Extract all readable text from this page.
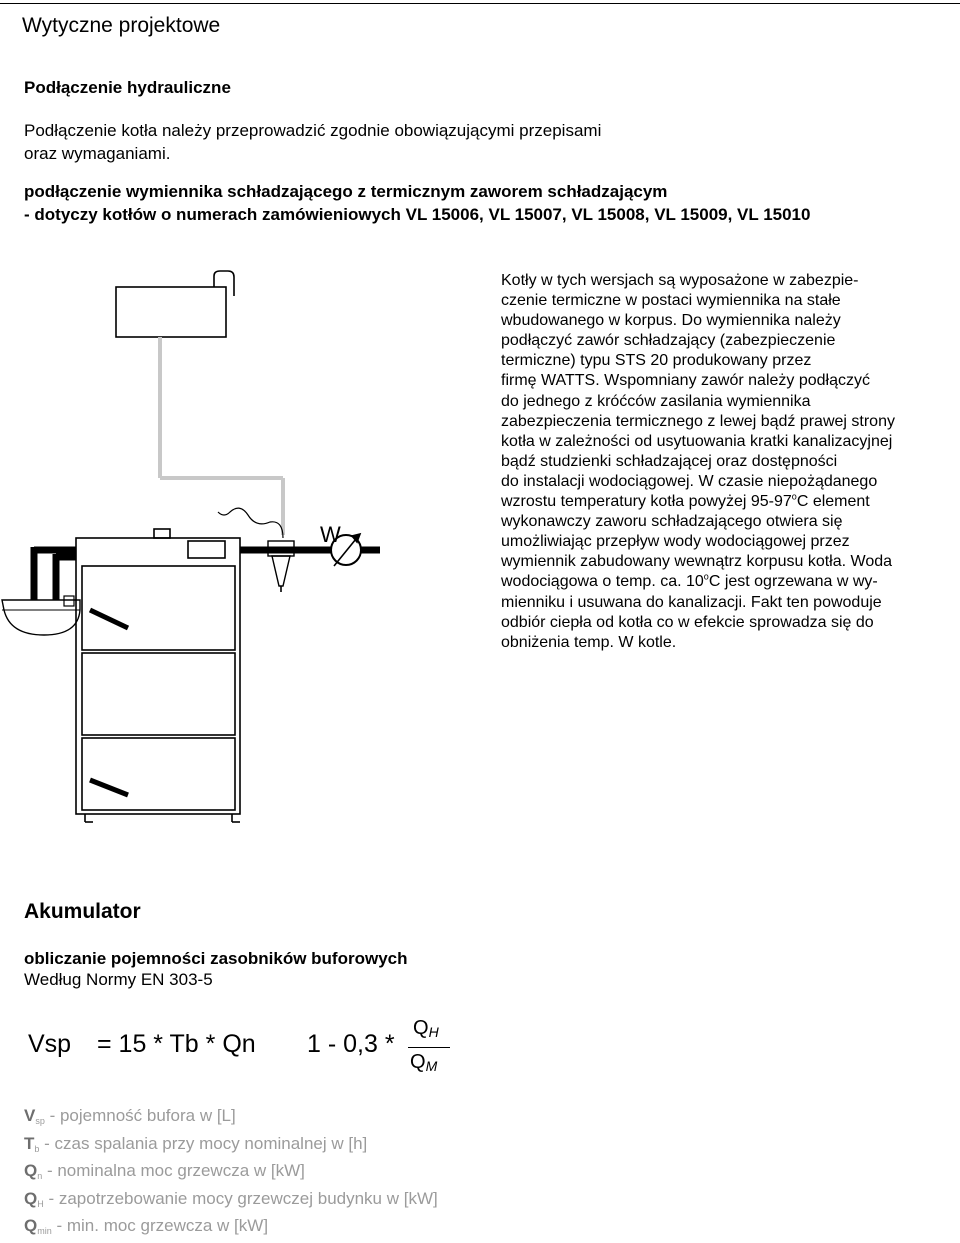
Wytyczne projektowe

Podłączenie hydrauliczne

Podłączenie kotła należy przeprowadzić zgodnie obowiązującymi przepisami
oraz wymaganiami.
podłączenie wymiennika schładzającego z termicznym zaworem schładzającym
- dotyczy kotłów o numerach zamówieniowych VL 15006, VL 15007, VL 15008, VL 15009, VL 15010
W
Kotły w tych wersjach są wyposażone w zabezpie-
czenie termiczne w postaci wymiennika na stałe
wbudowanego w korpus. Do wymiennika należy
podłączyć zawór schładzający (zabezpieczenie
termiczne) typu STS 20 produkowany przez
firmę WATTS. Wspomniany zawór należy podłączyć
do jednego z króćców zasilania wymiennika
zabezpieczenia termicznego z lewej bądź prawej strony
kotła w zależności od usytuowania kratki kanalizacyjnej
bądź studzienki schładzającej oraz dostępności
do instalacji wodociągowej. W czasie niepożądanego
wzrostu temperatury kotła powyżej 95-97$^o$C element
wykonawczy zaworu schładzającego otwiera się
umożliwiając przepływ wody wodociągowej przez
wymiennik zabudowany wewnątrz korpusu kotła. Woda
wodociągowa o temp. ca. 10$^o$C jest ogrzewana w wy-
mienniku i usuwana do kanalizacji. Fakt ten powoduje
odbiór ciepła od kotła co w efekcie sprowadza się do
obniżenia temp. W kotle.

Akumulator

obliczanie pojemności zasobników buforowych

Według Normy EN 303-5

Vsp = 15 * Tb * Qn 1 - 0,3 *
QH
QM
$V_{sp}$ - pojemność bufora w [L]
$T_b$ - czas spalania przy mocy nominalnej w [h]
$Q_n$ - nominalna moc grzewcza w [kW]
$Q_H$ - zapotrzebowanie mocy grzewczej budynku w [kW]
$Q_{min}$ - min. moc grzewcza w [kW]
